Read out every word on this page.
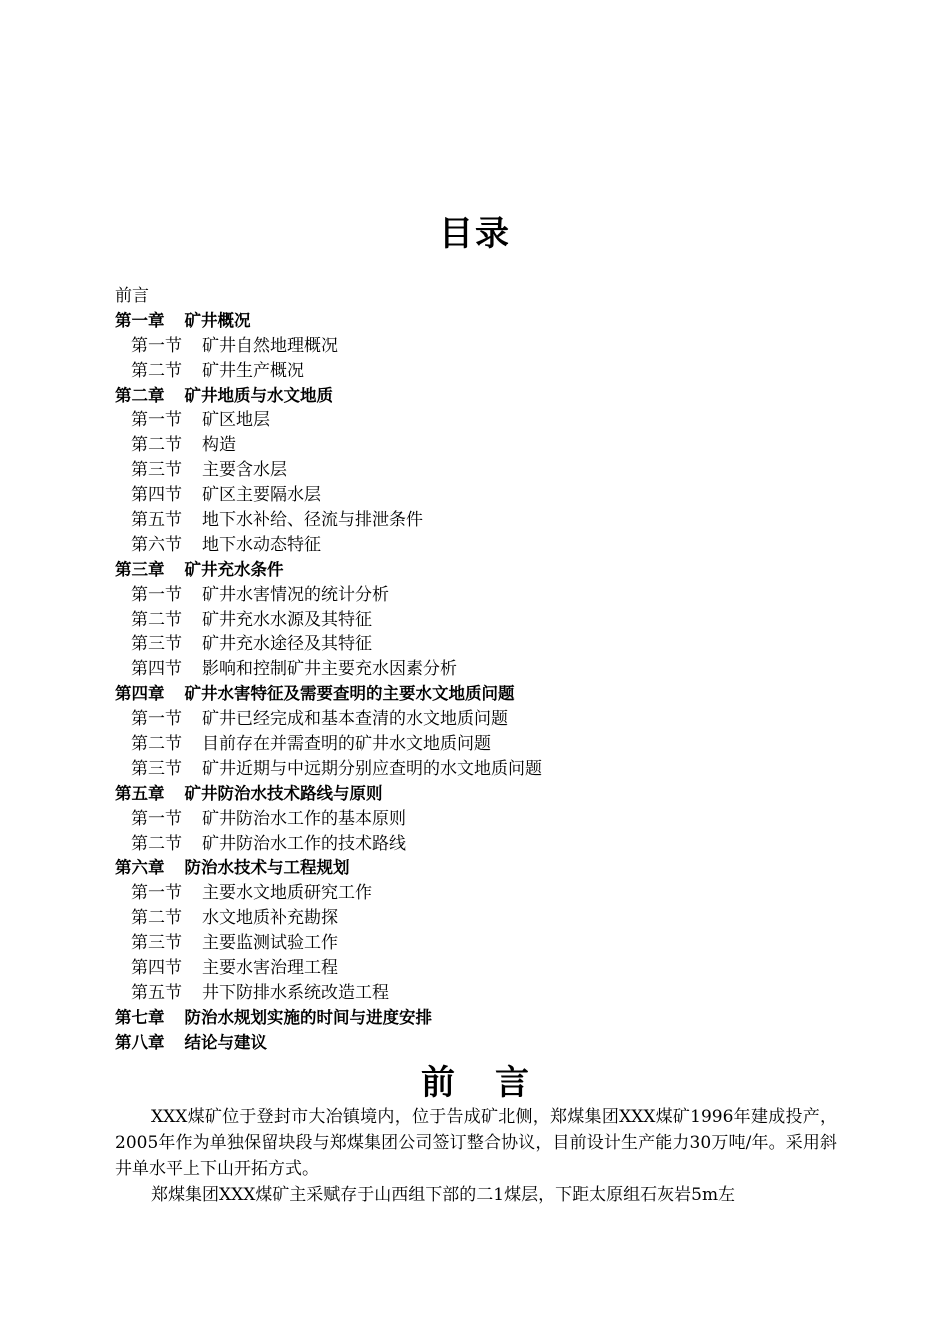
目录
前言
第一章 矿井概况
第一节 矿井自然地理概况
第二节 矿井生产概况
第二章 矿井地质与水文地质
第一节 矿区地层
第二节 构造
第三节 主要含水层
第四节 矿区主要隔水层
第五节 地下水补给、径流与排泄条件
第六节 地下水动态特征
第三章 矿井充水条件
第一节 矿井水害情况的统计分析
第二节 矿井充水水源及其特征
第三节 矿井充水途径及其特征
第四节 影响和控制矿井主要充水因素分析
第四章 矿井水害特征及需要查明的主要水文地质问题
第一节 矿井已经完成和基本查清的水文地质问题
第二节 目前存在并需查明的矿井水文地质问题
第三节 矿井近期与中远期分别应查明的水文地质问题
第五章 矿井防治水技术路线与原则
第一节 矿井防治水工作的基本原则
第二节 矿井防治水工作的技术路线
第六章 防治水技术与工程规划
第一节 主要水文地质研究工作
第二节 水文地质补充勘探
第三节 主要监测试验工作
第四节 主要水害治理工程
第五节 井下防排水系统改造工程
第七章 防治水规划实施的时间与进度安排
第八章 结论与建议
前言

XXX煤矿位于登封市大冶镇境内，位于告成矿北侧，郑煤集团XXX煤矿1996年建成投产，2005年作为单独保留块段与郑煤集团公司签订整合协议，目前设计生产能力30万吨/年。采用斜井单水平上下山开拓方式。

郑煤集团XXX煤矿主采赋存于山西组下部的二1煤层，下距太原组石灰岩5m左
